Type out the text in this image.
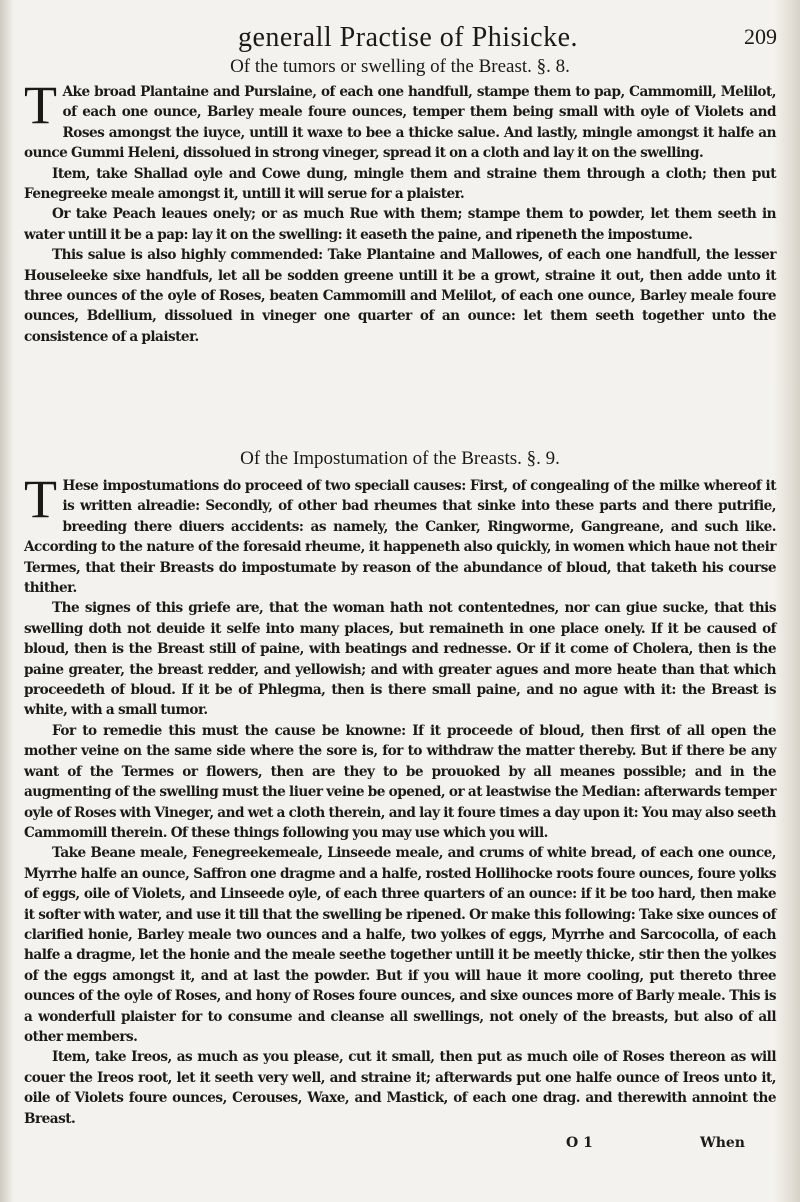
generall Practise of Phisicke.	209
Of the tumors or swelling of the Breast. §. 8.

T Ake broad Plantaine and Purslaine, of each one handfull, stampe them to pap, Cammomill, Melilot, of each one ounce, Barley meale foure ounces, temper them being small with oyle of Violets and Roses amongst the iuyce, untill it waxe to bee a thicke salue. And lastly, mingle amongst it halfe an ounce Gummi Heleni, dissolued in strong vineger, spread it on a cloth and lay it on the swelling.

Item, take Shallad oyle and Cowe dung, mingle them and straine them through a cloth; then put Fenegreeke meale amongst it, untill it will serue for a plaister.

Or take Peach leaues onely; or as much Rue with them; stampe them to powder, let them seeth in water untill it be a pap: lay it on the swelling: it easeth the paine, and ripeneth the impostume.

This salue is also highly commended: Take Plantaine and Mallowes, of each one handfull, the lesser Houseleeke sixe handfuls, let all be sodden greene untill it be a growt, straine it out, then adde unto it three ounces of the oyle of Roses, beaten Cammomill and Melilot, of each one ounce, Barley meale foure ounces, Bdellium, dissolued in vineger one quarter of an ounce: let them seeth together unto the consistence of a plaister.

Of the Impostumation of the Breasts. §. 9.

T Hese impostumations do proceed of two speciall causes: First, of congealing of the milke whereof it is written alreadie: Secondly, of other bad rheumes that sinke into these parts and there putrifie, breeding there diuers accidents: as namely, the Canker, Ringworme, Gangreane, and such like. According to the nature of the foresaid rheume, it happeneth also quickly, in women which haue not their Termes, that their Breasts do impostumate by reason of the abundance of bloud, that taketh his course thither.

The signes of this griefe are, that the woman hath not contentednes, nor can giue sucke, that this swelling doth not deuide it selfe into many places, but remaineth in one place onely. If it be caused of bloud, then is the Breast still of paine, with beatings and rednesse. Or if it come of Cholera, then is the paine greater, the breast redder, and yellowish; and with greater agues and more heate than that which proceedeth of bloud. If it be of Phlegma, then is there small paine, and no ague with it: the Breast is white, with a small tumor.

For to remedie this must the cause be knowne: If it proceede of bloud, then first of all open the mother veine on the same side where the sore is, for to withdraw the matter thereby. But if there be any want of the Termes or flowers, then are they to be prouoked by all meanes possible; and in the augmenting of the swelling must the liuer veine be opened, or at leastwise the Median: afterwards temper oyle of Roses with Vineger, and wet a cloth therein, and lay it foure times a day upon it: You may also seeth Cammomill therein. Of these things following you may use which you will.

Take Beane meale, Fenegreekemeale, Linseede meale, and crums of white bread, of each one ounce, Myrrhe halfe an ounce, Saffron one dragme and a halfe, rosted Hollihocke roots foure ounces, foure yolks of eggs, oile of Violets, and Linseede oyle, of each three quarters of an ounce: if it be too hard, then make it softer with water, and use it till that the swelling be ripened. Or make this following: Take sixe ounces of clarified honie, Barley meale two ounces and a halfe, two yolkes of eggs, Myrrhe and Sarcocolla, of each halfe a dragme, let the honie and the meale seethe together untill it be meetly thicke, stir then the yolkes of the eggs amongst it, and at last the powder. But if you will haue it more cooling, put thereto three ounces of the oyle of Roses, and hony of Roses foure ounces, and sixe ounces more of Barly meale. This is a wonderfull plaister for to consume and cleanse all swellings, not onely of the breasts, but also of all other members.

Item, take Ireos, as much as you please, cut it small, then put as much oile of Roses thereon as will couer the Ireos root, let it seeth very well, and straine it; afterwards put one halfe ounce of Ireos unto it, oile of Violets foure ounces, Cerouses, Waxe, and Mastick, of each one drag. and therewith annoint the Breast.

O 1	When
